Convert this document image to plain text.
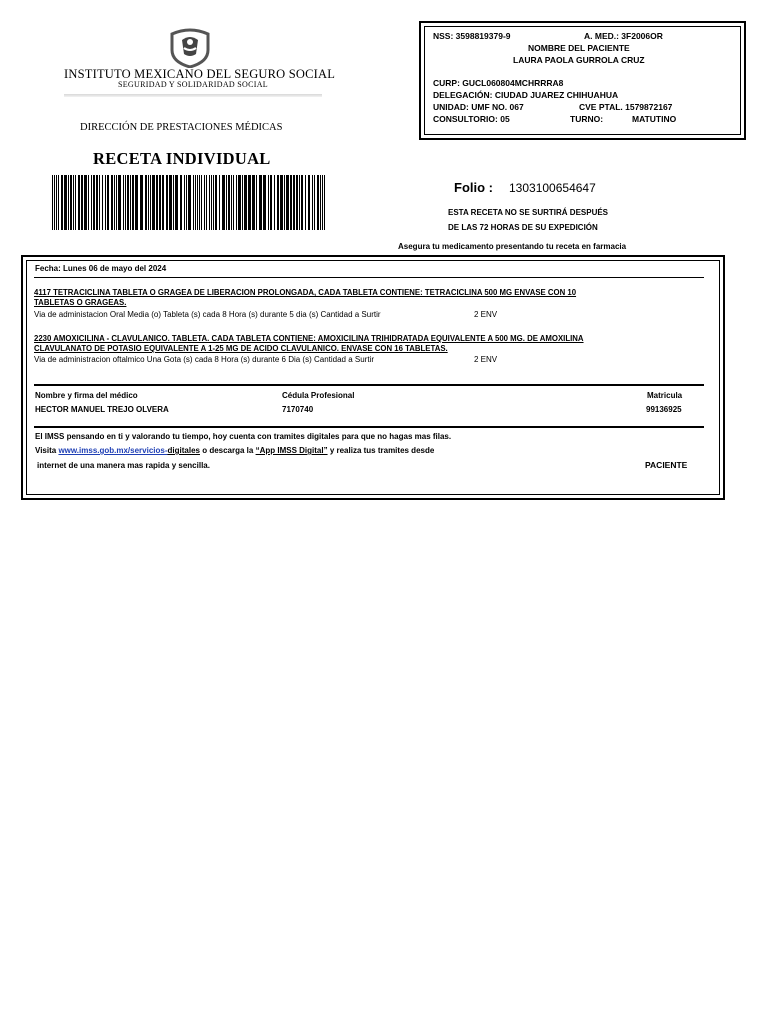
INSTITUTO MEXICANO DEL SEGURO SOCIAL
SEGURIDAD Y SOLIDARIDAD SOCIAL
DIRECCIÓN DE PRESTACIONES MÉDICAS
RECETA INDIVIDUAL
NSS: 3598819379-9	A. MED.: 3F2006OR
NOMBRE DEL PACIENTE
LAURA PAOLA GURROLA CRUZ
CURP: GUCL060804MCHRRRA8
DELEGACIÓN: CIUDAD JUAREZ CHIHUAHUA
UNIDAD: UMF NO. 067	CVE PTAL. 1579872167
CONSULTORIO: 05	TURNO:	MATUTINO
Folio : 1303100654647
ESTA RECETA NO SE SURTIRÁ DESPUÉS
DE LAS 72 HORAS DE SU EXPEDICIÓN
Asegura tu medicamento presentando tu receta en farmacia
Fecha: Lunes 06 de mayo del 2024
4117 TETRACICLINA TABLETA O GRAGEA DE LIBERACION PROLONGADA, CADA TABLETA CONTIENE: TETRACICLINA 500 MG ENVASE CON 10
TABLETAS O GRAGEAS.
Via de administacion Oral Media (o) Tableta (s) cada 8 Hora (s) durante 5 dia (s) Cantidad a Surtir	2 ENV
2230 AMOXICILINA - CLAVULANICO. TABLETA. CADA TABLETA CONTIENE: AMOXICILINA TRIHIDRATADA EQUIVALENTE A 500 MG. DE AMOXILINA
CLAVULANATO DE POTASIO EQUIVALENTE A 1-25 MG DE ACIDO CLAVULANICO. ENVASE CON 16 TABLETAS.
Via de administracion oftalmico Una Gota (s) cada 8 Hora (s) durante 6 Dia (s) Cantidad a Surtir	2 ENV
Nombre y firma del médico	Cédula Profesional	Matricula
HECTOR MANUEL TREJO OLVERA	7170740	99136925
El IMSS pensando en ti y valorando tu tiempo, hoy cuenta con tramites digitales para que no hagas mas filas.
Visita www.imss.gob.mx/servicios-digitales o descarga la “App IMSS Digital” y realiza tus tramites desde
internet de una manera mas rapida y sencilla.	PACIENTE
